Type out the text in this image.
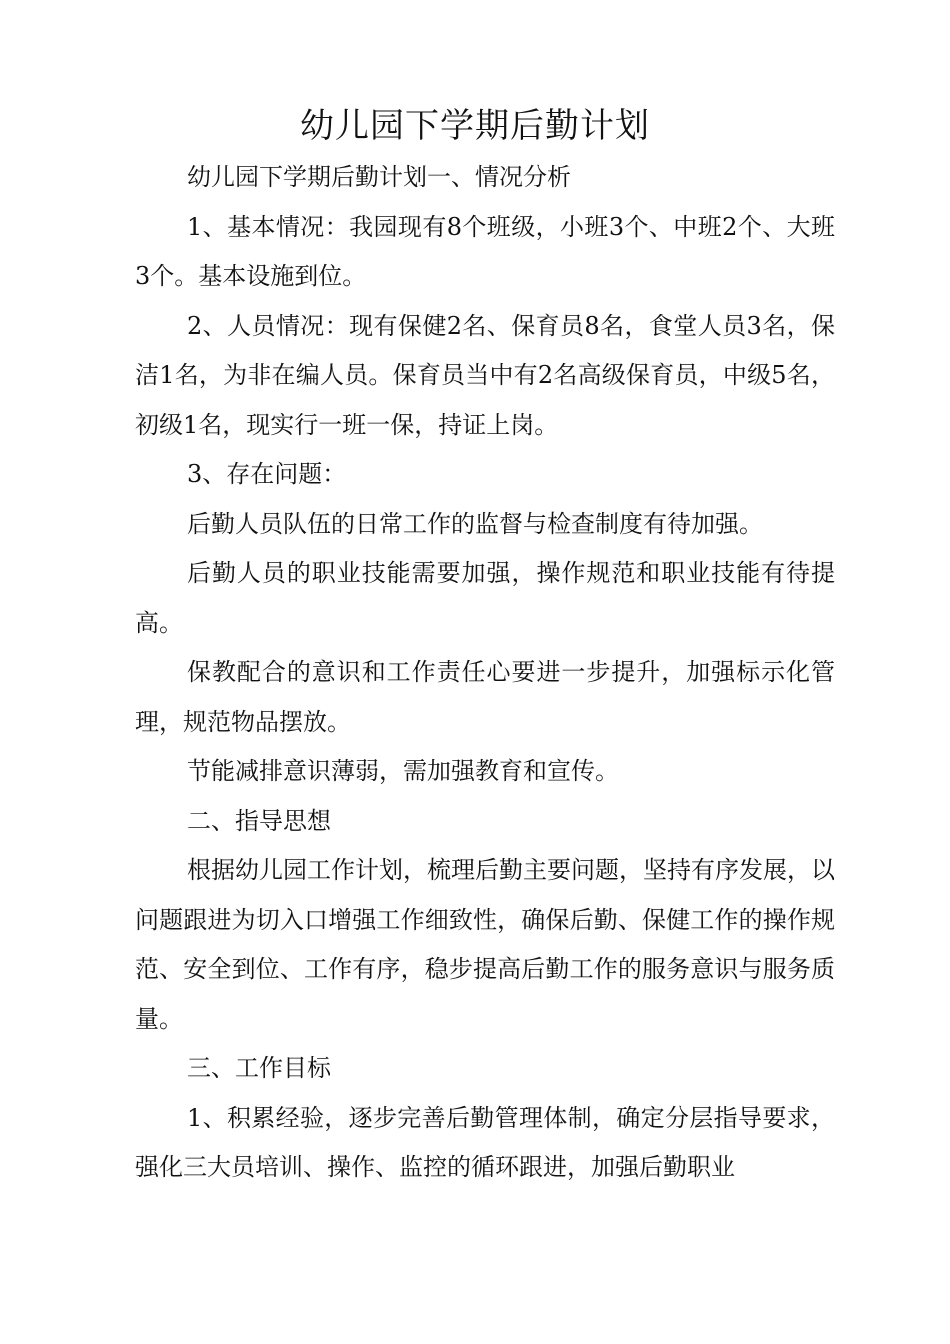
幼儿园下学期后勤计划

幼儿园下学期后勤计划一、情况分析

1、基本情况：我园现有8个班级，小班3个、中班2个、大班3个。基本设施到位。

2、人员情况：现有保健2名、保育员8名，食堂人员3名，保洁1名，为非在编人员。保育员当中有2名高级保育员，中级5名，初级1名，现实行一班一保，持证上岗。

3、存在问题：

后勤人员队伍的日常工作的监督与检查制度有待加强。

后勤人员的职业技能需要加强，操作规范和职业技能有待提高。

保教配合的意识和工作责任心要进一步提升，加强标示化管理，规范物品摆放。

节能减排意识薄弱，需加强教育和宣传。

二、指导思想

根据幼儿园工作计划，梳理后勤主要问题，坚持有序发展，以问题跟进为切入口增强工作细致性，确保后勤、保健工作的操作规范、安全到位、工作有序，稳步提高后勤工作的服务意识与服务质量。

三、工作目标

1、积累经验，逐步完善后勤管理体制，确定分层指导要求，强化三大员培训、操作、监控的循环跟进，加强后勤职业
